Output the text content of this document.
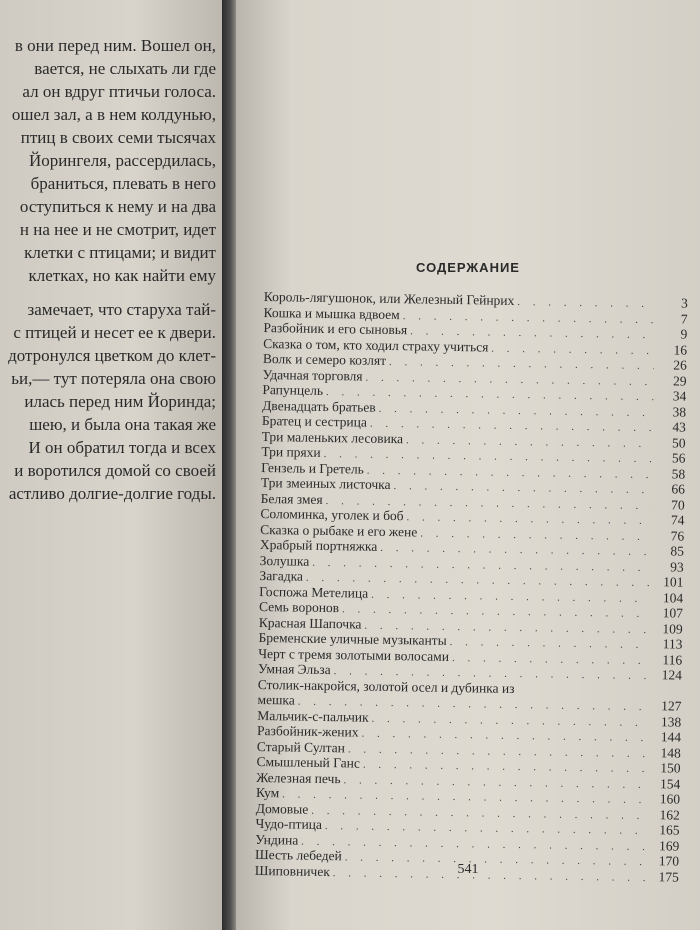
в они перед ним. Вошел он,
вается, не слыхать ли где
ал он вдруг птичьи голоса.
ошел зал, а в нем колдунью,
птиц в своих семи тысячах
Йорингеля, рассердилась,
браниться, плевать в него
оступиться к нему и на два
н на нее и не смотрит, идет
клетки с птицами; и видит
клетках, но как найти ему
замечает, что старуха тай-
с птицей и несет ее к двери.
дотронулся цветком до клет-
ьи,— тут потеряла она свою
илась перед ним Йоринда;
шею, и была она такая же
И он обратил тогда и всех
и воротился домой со своей
астливо долгие-долгие годы.
СОДЕРЖАНИЕ
Король-лягушонок, или Железный Гейнрих . . .	3
Кошка и мышка вдвоем . . .	7
Разбойник и его сыновья . . .	9
Сказка о том, кто ходил страху учиться . . .	16
Волк и семеро козлят . . .	26
Удачная торговля . . .	29
Рапунцель . . .	34
Двенадцать братьев . . .	38
Братец и сестрица . . .	43
Три маленьких лесовика . . .	50
Три пряхи . . .	56
Гензель и Гретель . . .	58
Три змеиных листочка . . .	66
Белая змея . . .	70
Соломинка, уголек и боб . . .	74
Сказка о рыбаке и его жене . . .	76
Храбрый портняжка . . .	85
Золушка . . .	93
Загадка . . .	101
Госпожа Метелица . . .	104
Семь воронов . . .	107
Красная Шапочка . . .	109
Бременские уличные музыканты . . .	113
Черт с тремя золотыми волосами . . .	116
Умная Эльза . . .	124
Столик-накройся, золотой осел и дубинка из
мешка . . .	127
Мальчик-с-пальчик . . .	138
Разбойник-жених . . .	144
Старый Султан . . .	148
Смышленый Ганс . . .	150
Железная печь . . .	154
Кум . . .	160
Домовые . . .	162
Чудо-птица . . .	165
Ундина . . .	169
Шесть лебедей . . .	170
Шиповничек . . .	175
541
